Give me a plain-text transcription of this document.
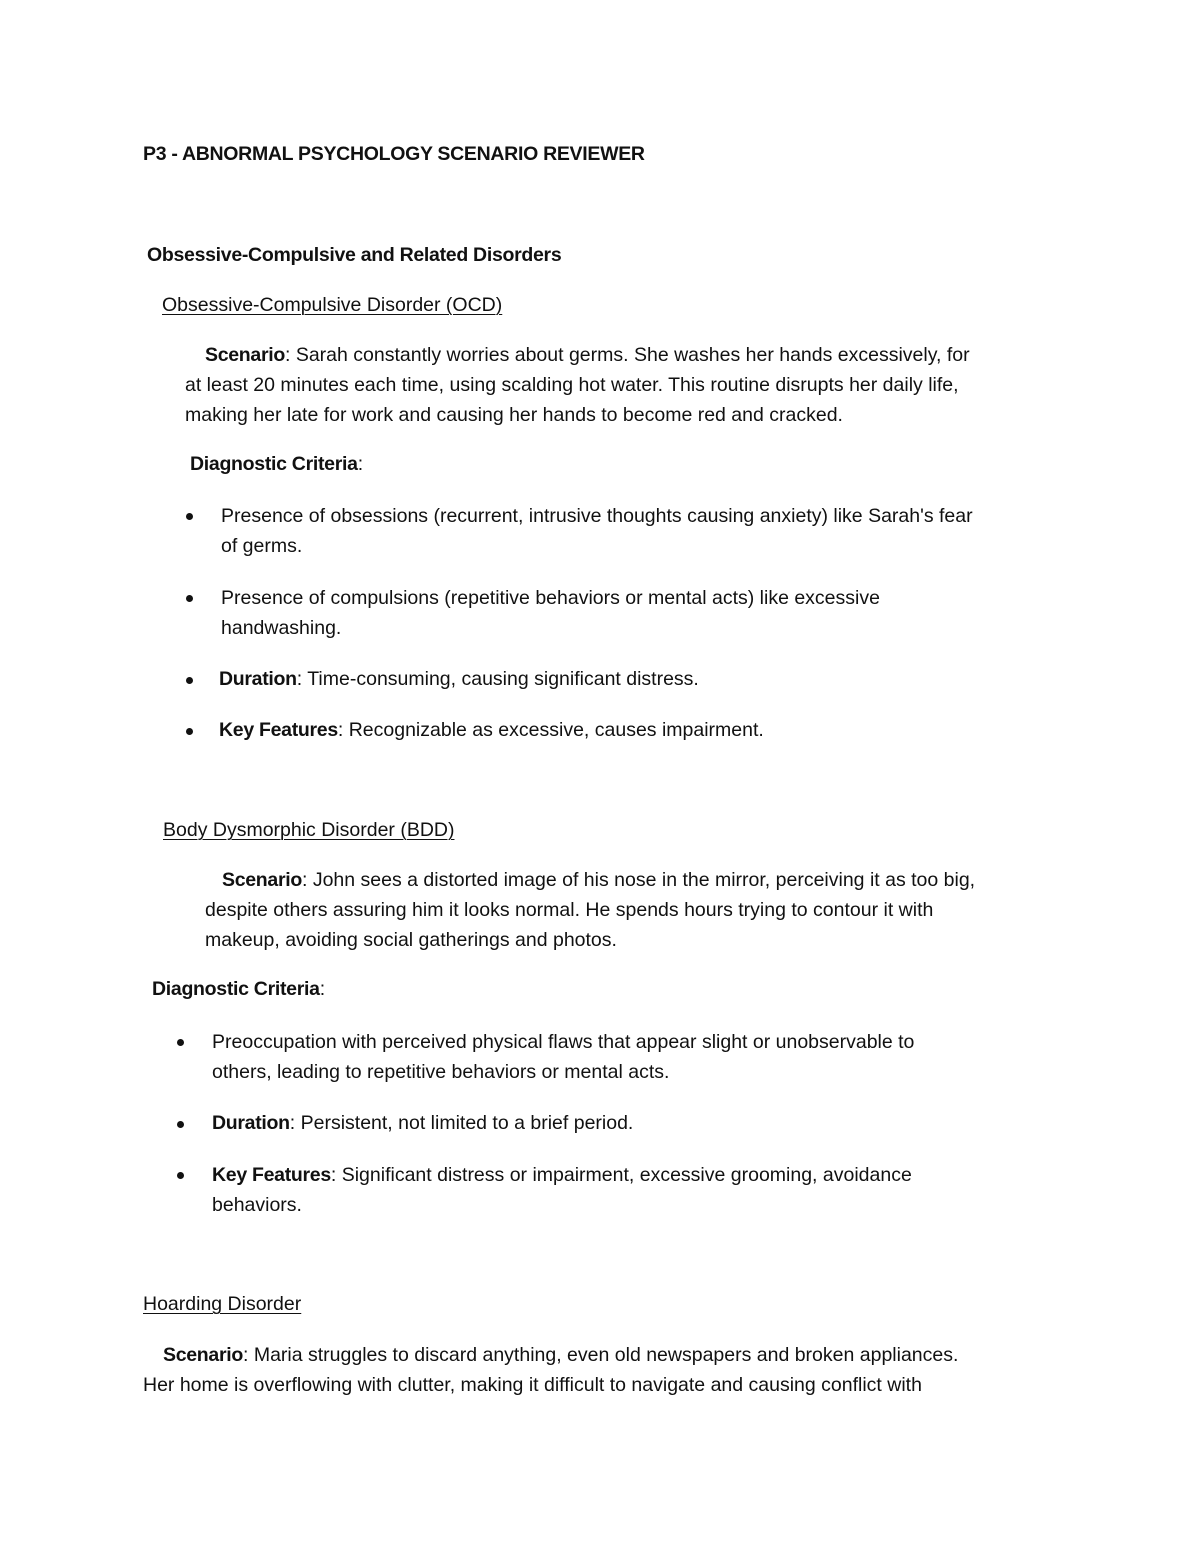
P3 - ABNORMAL PSYCHOLOGY SCENARIO REVIEWER
Obsessive-Compulsive and Related Disorders
Obsessive-Compulsive Disorder (OCD)

Scenario: Sarah constantly worries about germs. She washes her hands excessively, for

at least 20 minutes each time, using scalding hot water. This routine disrupts her daily life,

making her late for work and causing her hands to become red and cracked.

Diagnostic Criteria:
Presence of obsessions (recurrent, intrusive thoughts causing anxiety) like Sarah's fear
of germs.
Presence of compulsions (repetitive behaviors or mental acts) like excessive
handwashing.
Duration: Time-consuming, causing significant distress.
Key Features: Recognizable as excessive, causes impairment.
Body Dysmorphic Disorder (BDD)

Scenario: John sees a distorted image of his nose in the mirror, perceiving it as too big,

despite others assuring him it looks normal. He spends hours trying to contour it with

makeup, avoiding social gatherings and photos.

Diagnostic Criteria:
Preoccupation with perceived physical flaws that appear slight or unobservable to
others, leading to repetitive behaviors or mental acts.
Duration: Persistent, not limited to a brief period.
Key Features: Significant distress or impairment, excessive grooming, avoidance
behaviors.
Hoarding Disorder

Scenario: Maria struggles to discard anything, even old newspapers and broken appliances.

Her home is overflowing with clutter, making it difficult to navigate and causing conflict with
